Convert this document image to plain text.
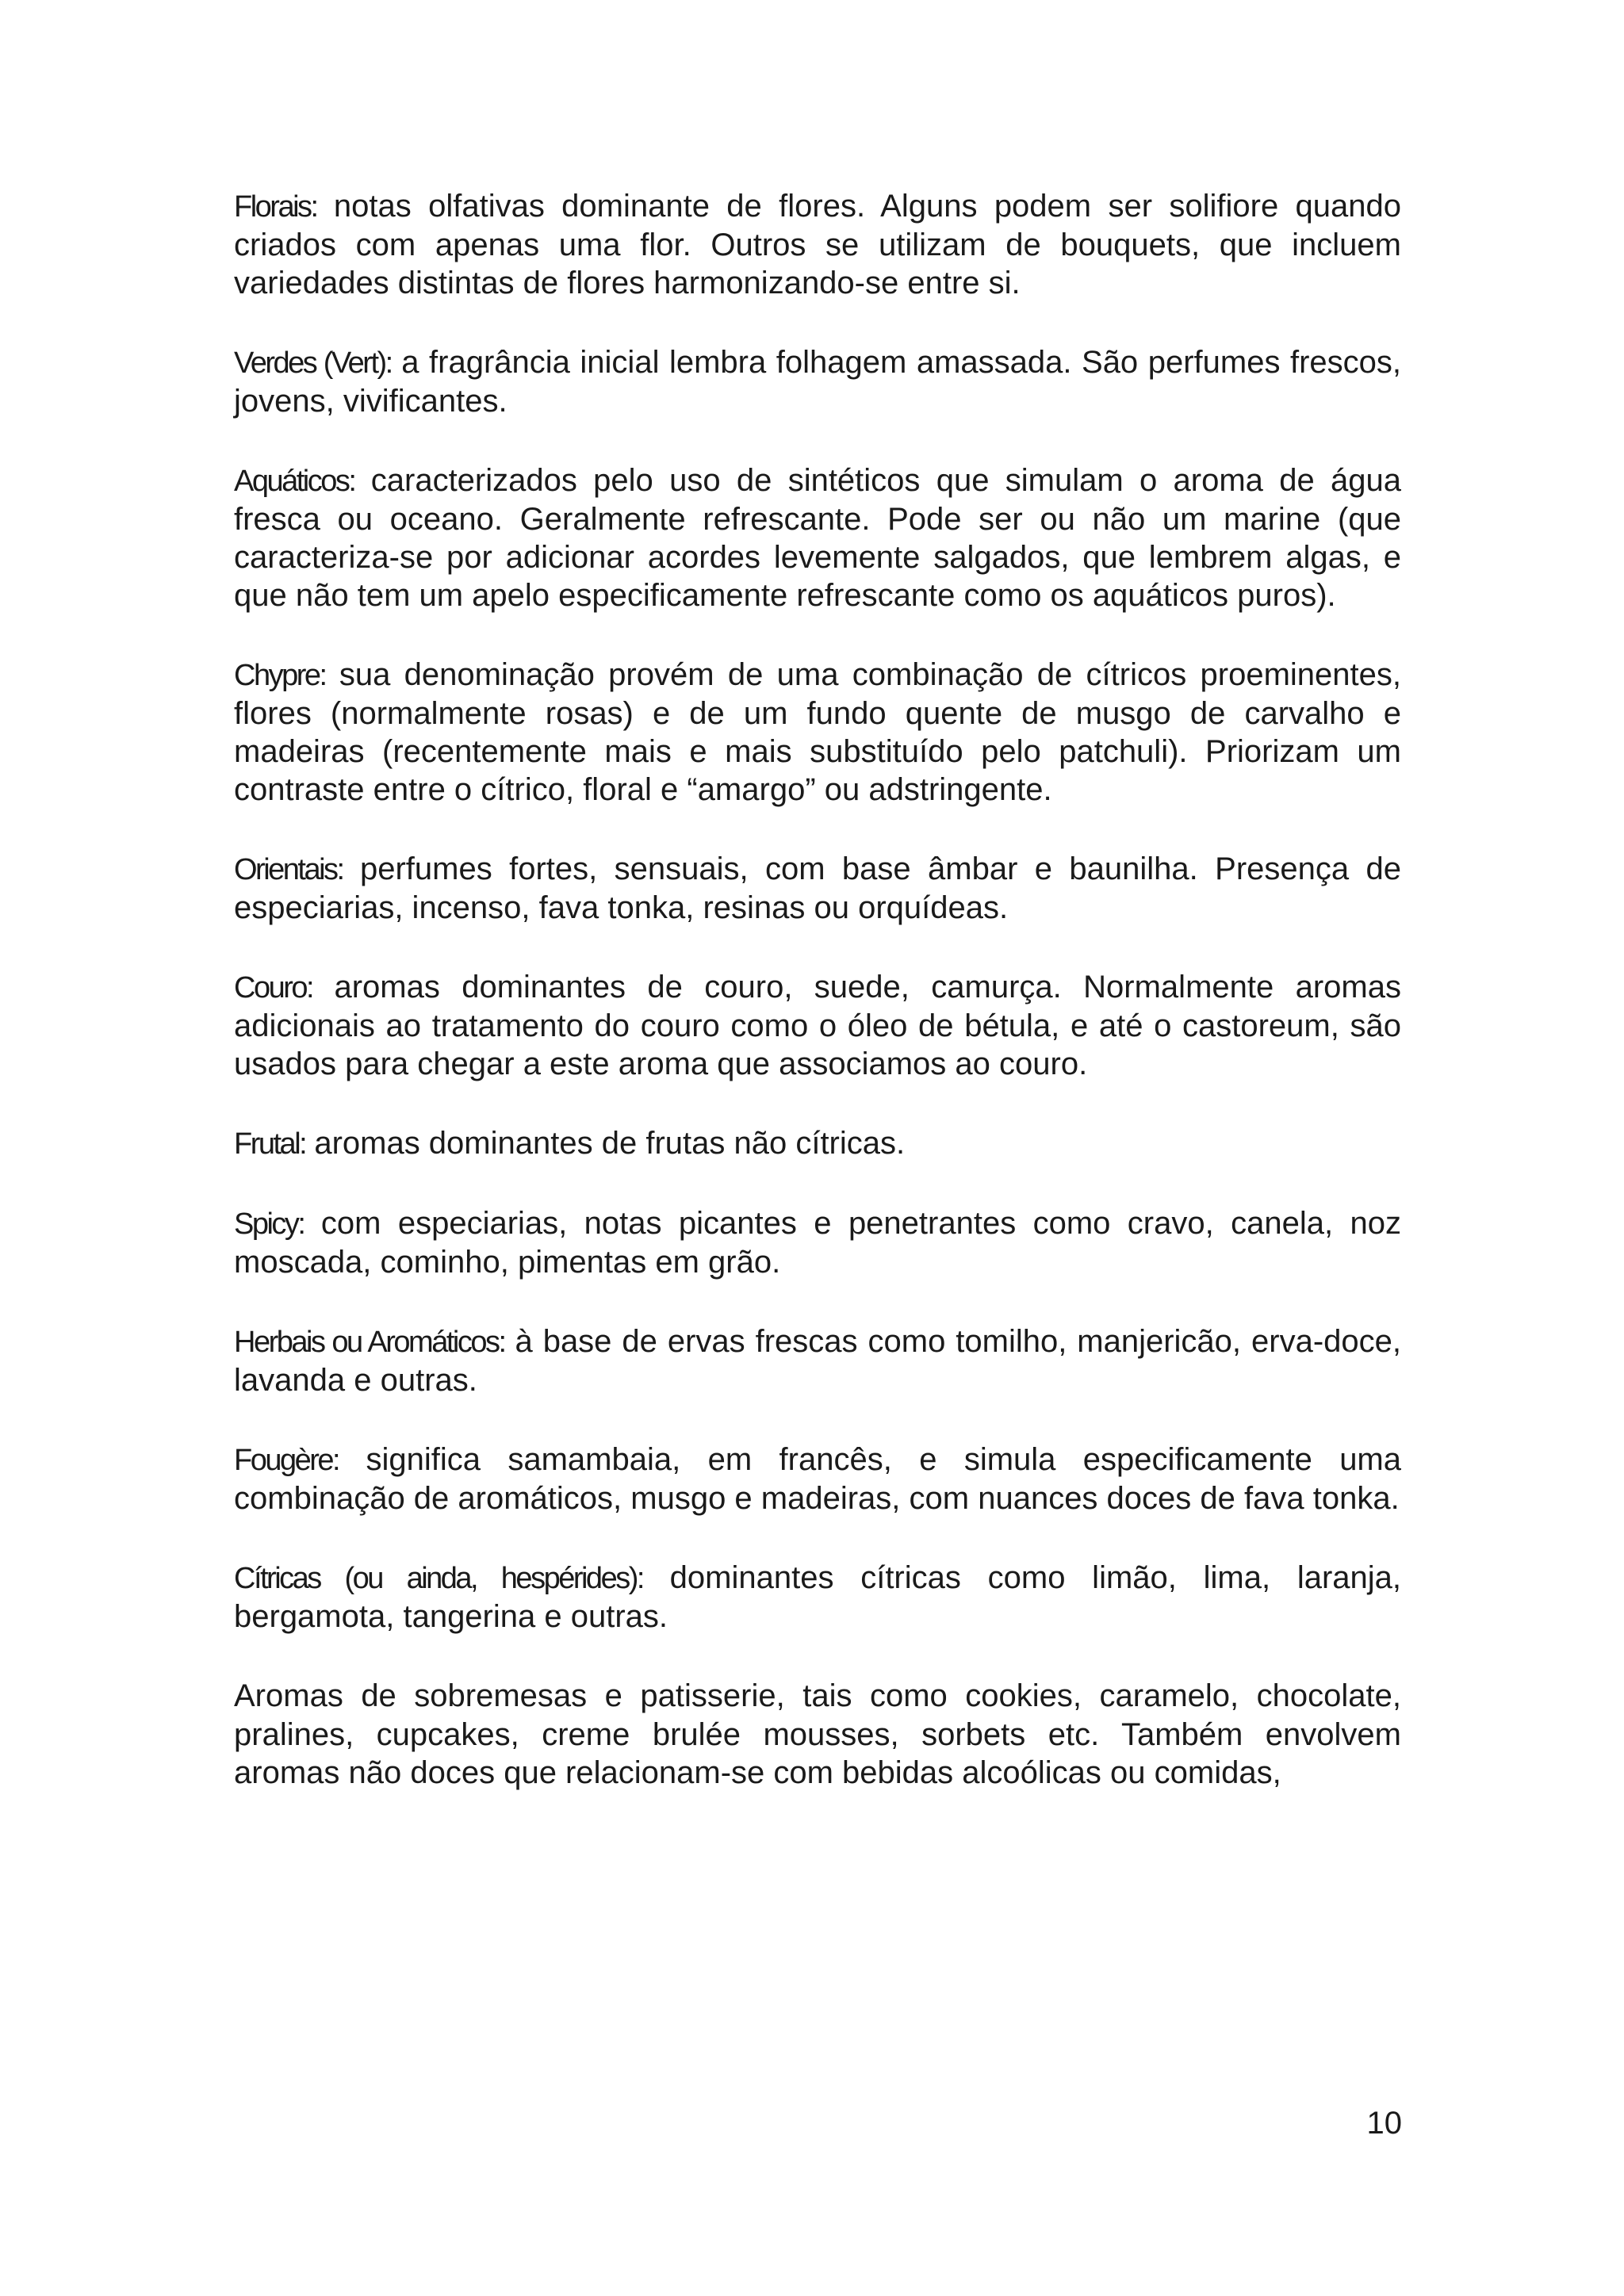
Florais: notas olfativas dominante de flores. Alguns podem ser solifiore quando criados com apenas uma flor. Outros se utilizam de bouquets, que incluem variedades distintas de flores harmonizando-se entre si.

Verdes (Vert): a fragrância inicial lembra folhagem amassada. São perfumes frescos, jovens, vivificantes.

Aquáticos: caracterizados pelo uso de sintéticos que simulam o aroma de água fresca ou oceano. Geralmente refrescante. Pode ser ou não um marine (que caracteriza-se por adicionar acordes levemente salgados, que lembrem algas, e que não tem um apelo especificamente refrescante como os aquáticos puros).

Chypre: sua denominação provém de uma combinação de cítricos proeminentes, flores (normalmente rosas) e de um fundo quente de musgo de carvalho e madeiras (recentemente mais e mais substituído pelo patchuli). Priorizam um contraste entre o cítrico, floral e “amargo” ou adstringente.

Orientais: perfumes fortes, sensuais, com base âmbar e baunilha. Presença de especiarias, incenso, fava tonka, resinas ou orquídeas.

Couro: aromas dominantes de couro, suede, camurça. Normalmente aromas adicionais ao tratamento do couro como o óleo de bétula, e até o castoreum, são usados para chegar a este aroma que associamos ao couro.

Frutal: aromas dominantes de frutas não cítricas.

Spicy: com especiarias, notas picantes e penetrantes como cravo, canela, noz moscada, cominho, pimentas em grão.

Herbais ou Aromáticos: à base de ervas frescas como tomilho, manjericão, erva-doce, lavanda e outras.

Fougère: significa samambaia, em francês, e simula especificamente uma combinação de aromáticos, musgo e madeiras, com nuances doces de fava tonka.

Cítricas (ou ainda, hespérides): dominantes cítricas como limão, lima, laranja, bergamota, tangerina e outras.

Aromas de sobremesas e patisserie, tais como cookies, caramelo, chocolate, pralines, cupcakes, creme brulée mousses, sorbets etc. Também envolvem aromas não doces que relacionam-se com bebidas alcoólicas ou comidas,

10
